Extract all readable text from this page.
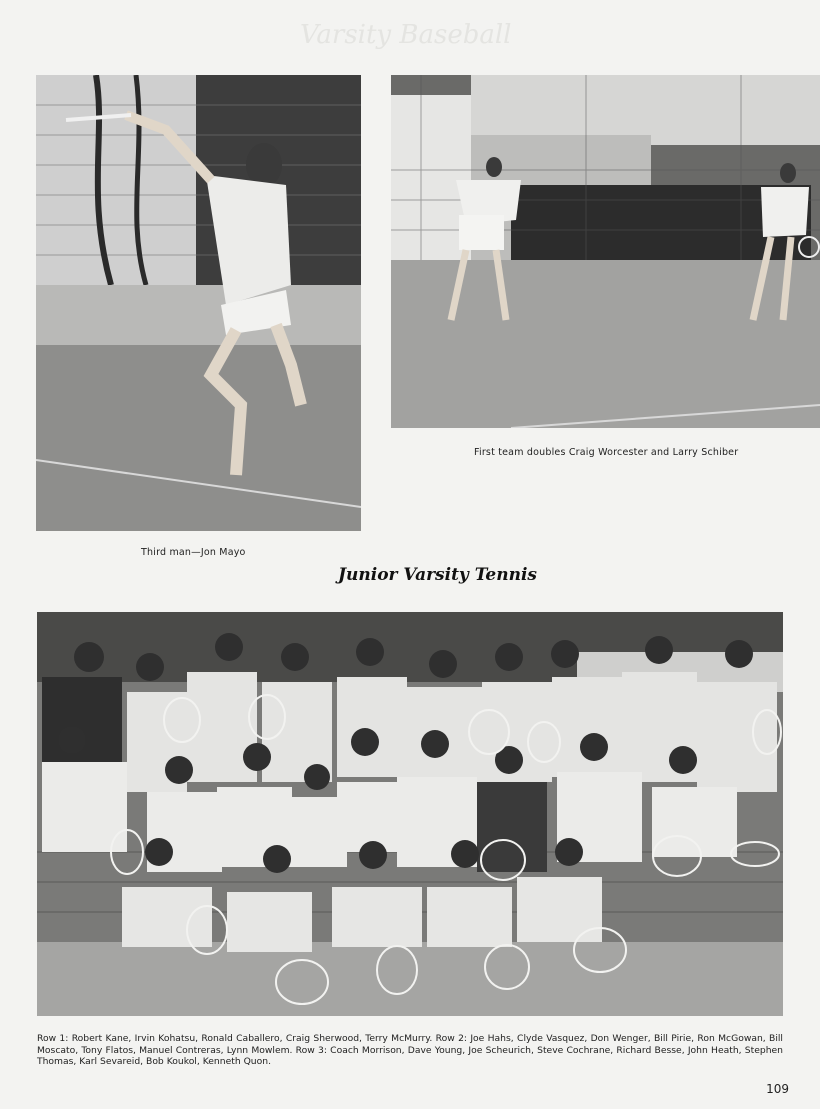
Varsity Baseball
Third man—Jon Mayo
First team doubles Craig Worcester and Larry Schiber
Junior Varsity Tennis
Row 1: Robert Kane, Irvin Kohatsu, Ronald Caballero, Craig Sherwood, Terry McMurry. Row 2: Joe Hahs, Clyde Vasquez, Don Wenger, Bill Pirie, Ron McGowan, Bill Moscato, Tony Flatos, Manuel Contreras, Lynn Mowlem. Row 3: Coach Morrison, Dave Young, Joe Scheurich, Steve Cochrane, Richard Besse, John Heath, Stephen Thomas, Karl Sevareid, Bob Koukol, Kenneth Quon.
109
